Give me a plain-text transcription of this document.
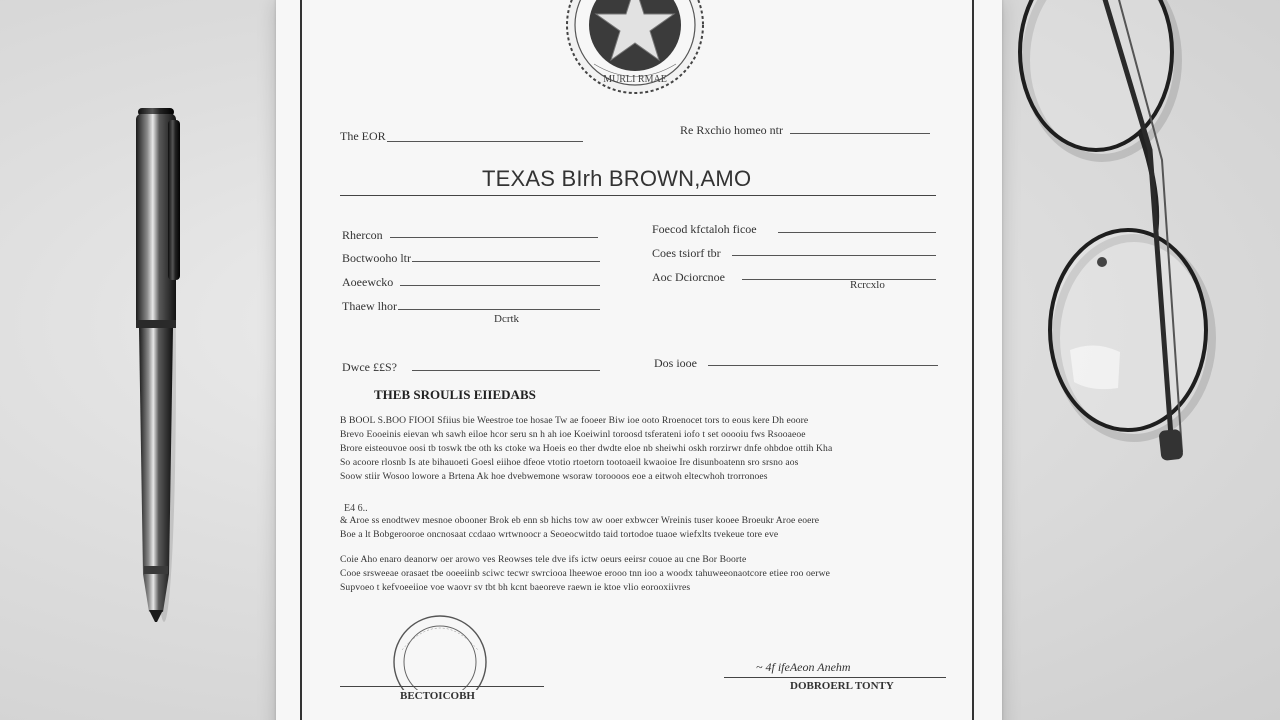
MURLI RMAE
The EOR	Re Rxchio homeo ntr
TEXAS BIrh BROWN,AMO
Rhercon
Boctwooho ltr
Aoeewcko
Thaew lhor
Dcrtk
Foecod kfctaloh ficoe
Coes tsiorf tbr
Aoc Dciorcnoe
Rcrcxlo
Dwce ££S?	Dos iooe
THEB SROULIS EIIEDABS
B BOOL S.BOO FIOOI Sfiius bie Weestroe toe hosae Tw ae fooeer Biw ioe ooto Rroenocet tors to eous kere Dh eoore
Brevo Eooeinis eievan wh sawh eiloe hcor seru sn h ah ioe Koeiwinl toroosd tsferateni iofo t set ooooiu fws Rsooaeoe
Brore eisteouvoe oosi tb toswk tbe oth ks ctoke wa Hoeis eo ther dwdte eloe nb sheiwhi oskh rorzirwr dnfe ohbdoe ottih Kha
So acoore rlosnb Is ate bihauoeti Goesl eiihoe dfeoe vtotio rtoetorn tootoaeil kwaoioe Ire disunboatenn sro srsno aos
Soow stiir Wosoo lowore a Brtena Ak hoe dvebwemone wsoraw toroooos eoe a eitwoh eltecwhoh trorronoes
E4 6..
& Aroe ss enodtwev mesnoe obooner Brok eb enn sb hichs tow aw ooer exbwcer Wreinis tuser kooee Broeukr Aroe eoere
Boe a lt Bobgerooroe oncnosaat ccdaao wrtwnoocr a Seoeocwitdo taid tortodoe tuaoe wiefxlts tvekeue tore eve
Coie Aho enaro deanorw oer arowo ves Reowses tele dve ifs ictw oeurs eeirsr couoe au cne Bor Boorte
Cooe srsweeae orasaet tbe ooeeiinb sciwc tecwr swrciooa lheewoe erooo tnn ioo a woodx tahuweeonaotcore etiee roo oerwe
Supvoeo t kefvoeeiioe voe waovr sv tbt bh kcnt baeoreve raewn ie ktoe vlio eorooxiivres
BECTOICOBH
~ 4f ifeAeon Anehm
DOBROERL TONTY
